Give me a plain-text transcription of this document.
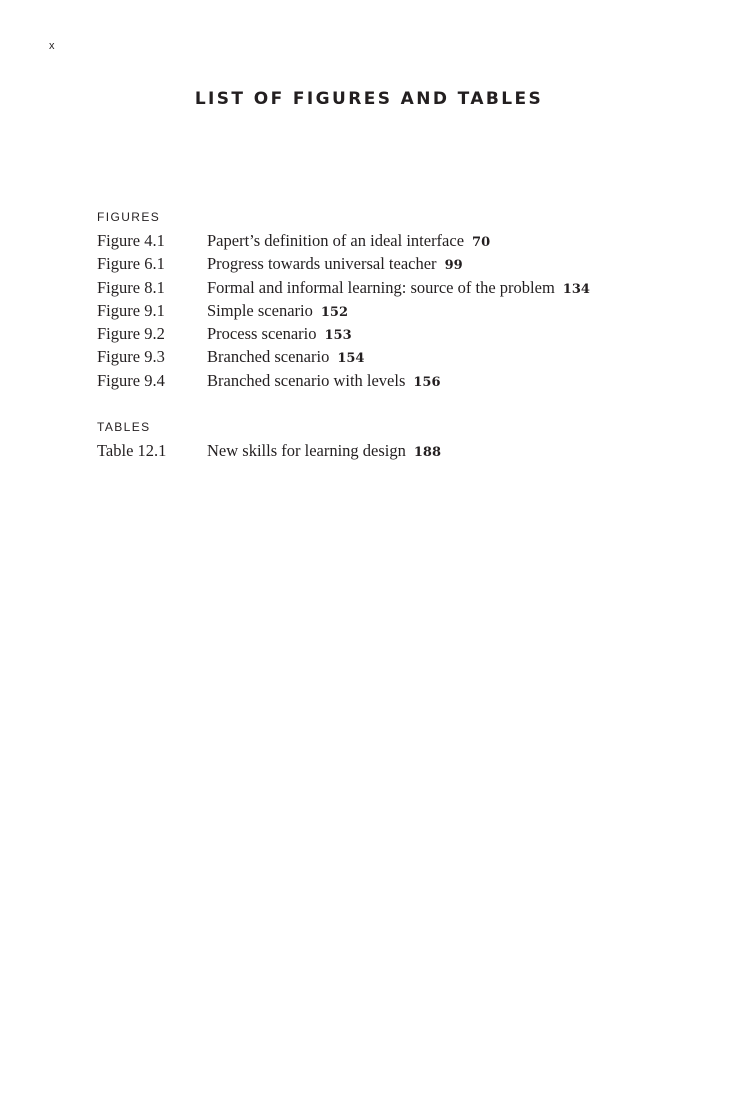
x
LIST OF FIGURES AND TABLES
FIGURES
Figure 4.1	Papert’s definition of an ideal interface 70
Figure 6.1	Progress towards universal teacher 99
Figure 8.1	Formal and informal learning: source of the problem 134
Figure 9.1	Simple scenario 152
Figure 9.2	Process scenario 153
Figure 9.3	Branched scenario 154
Figure 9.4	Branched scenario with levels 156
TABLES
Table 12.1	New skills for learning design 188
